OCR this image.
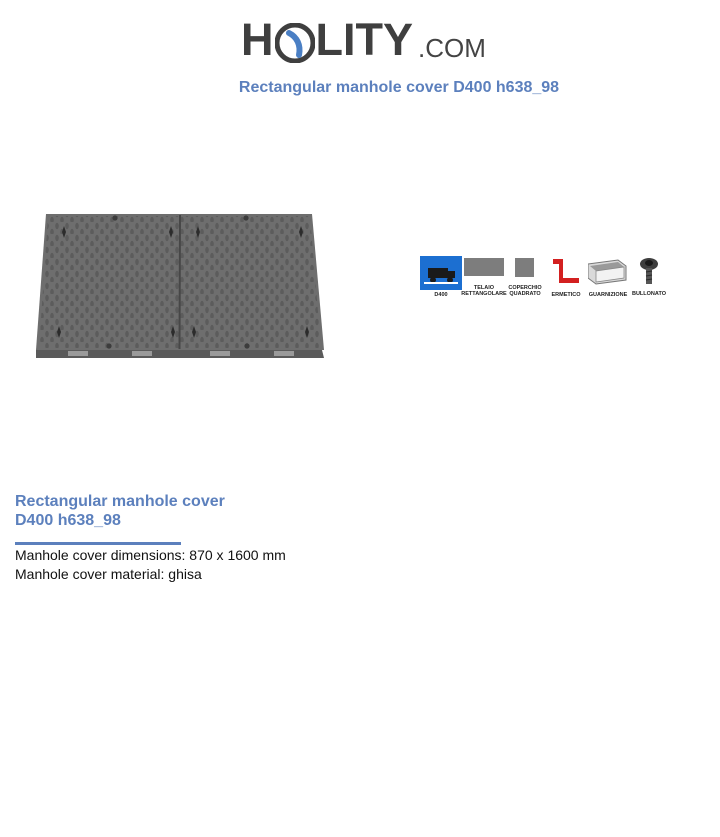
H LITY .COM
Rectangular manhole cover D400 h638_98
D400
TELAIO
RETTANGOLARE
COPERCHIO
QUADRATO	ERMETICO	GUARNIZIONE BULLONATO
Rectangular manhole cover
D400 h638_98
Manhole cover dimensions: 870 x 1600 mm
Manhole cover material: ghisa
